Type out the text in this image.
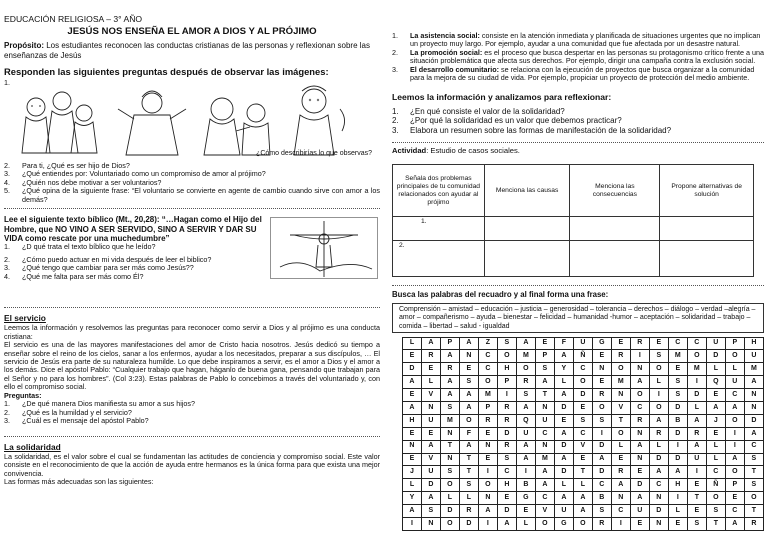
EDUCACIÓN RELIGIOSA – 3° AÑO
JESÚS NOS ENSEÑA EL AMOR A DIOS Y AL PRÓJIMO
Propósito: Los estudiantes reconocen las conductas cristianas de las personas y reflexionan sobre las enseñanzas de Jesús
Responden las siguientes preguntas después de observar las imágenes:
1.
¿Cómo describirías lo que observas?
2.	Para ti, ¿Qué es ser hijo de Dios?
3.	¿Qué entiendes por: Voluntariado como un compromiso de amor al prójimo?
4.	¿Quién nos debe motivar a ser voluntarios?
5.	¿Qué opina de la siguiente frase: “El voluntario se convierte en agente de cambio cuando sirve con amor a los demás?
Lee el siguiente texto bíblico (Mt., 20,28): “…Hagan como el Hijo del Hombre, que NO VINO A SER SERVIDO, SINO A SERVIR Y DAR SU VIDA como rescate por una muchedumbre”
1.	¿D qué trata el texto bíblico que he leído?
2.	¿Cómo puedo actuar en mi vida después de leer el biblico?
3.	¿Qué tengo que cambiar para ser más como Jesús??
4.	¿Qué me falta para ser más como Él?
El servicio
Leemos la información y resolvemos las preguntas para reconocer como servir a Dios y al prójimo es una conducta cristiana:
El servicio es una de las mayores manifestaciones del amor de Cristo hacia nosotros. Jesús dedicó su tiempo a enseñar sobre el reino de los cielos, sanar a los enfermos, ayudar a los necesitados, preparar a sus discípulos, … El servicio de Jesús era parte de su naturaleza humilde. Lo que debe inspiramos a servir, es el amor a Dios y el amor a los demás. Dice el apóstol Pablo: “Cualquier trabajo que hagan, háganlo de buena gana, pensando que trabajan para el Señor y no para los hombres”. (Col 3:23). Estas palabras de Pablo lo concebimos a través del voluntariado y, con ello el compromiso social.
Preguntas:
1.	¿De qué manera Dios manifiesta su amor a sus hijos?
2.	¿Qué es la humildad y el servicio?
3.	¿Cuál es el mensaje del apóstol Pablo?
La solidaridad
La solidaridad, es el valor sobre el cual se fundamentan las actitudes de conciencia y compromiso social. Este valor consiste en el reconocimiento de que la acción de ayuda entre hermanos es la única forma para que exista una mejor convivencia.
Las formas más adecuadas son las siguientes:
1.	La asistencia social: consiste en la atención inmediata y planificada de situaciones urgentes que no implican un proyecto muy largo. Por ejemplo, ayudar a una comunidad que fue afectada por un desastre natural.
2.	La promoción social: es el proceso que busca despertar en las personas su protagonismo crítico frente a una situación problemática que afecta sus derechos. Por ejemplo, dirigir una campaña contra la exclusión social.
3.	El desarrollo comunitario: se relaciona con la ejecución de proyectos que busca organizar a la comunidad para la mejora de su ciudad de vida. Por ejemplo, propiciar un proyecto de protección del medio ambiente.
Leemos la información y analizamos para reflexionar:
1.	¿En qué consiste el valor de la solidaridad?
2.	¿Por qué la solidaridad es un valor que debemos practicar?
3.	Elabora un resumen sobre las formas de manifestación de la solidaridad?
Actividad: Estudio de casos sociales.
Señala dos problemas principales de tu comunidad relacionados con ayudar al prójimo	Menciona las causas	Menciona las consecuencias	Propone alternativas de solución
1.			
2.			
Busca las palabras del recuadro y al final forma una frase:
Comprensión – amistad – educación – justicia – generosidad – tolerancia – derechos – diálogo – verdad –alegría –amor – compañerismo – ayuda – bienestar – felicidad – humanidad -humor – aceptación – solidaridad – trabajo – comida – libertad – salud - igualdad
L	A	P	A	Z	S	A	E	F	U	G	E	R	E	C	C	U	P	H
E	R	A	N	C	O	M	P	A	Ñ	E	R	I	S	M	O	D	O	U
D	E	R	E	C	H	O	S	Y	C	N	O	N	O	E	M	L	L	M
A	L	A	S	O	P	R	A	L	O	E	M	A	L	S	I	Q	U	A
E	V	A	A	M	I	S	T	A	D	R	N	O	I	S	D	E	C	N
A	N	S	A	P	R	A	N	D	E	O	V	C	O	D	L	A	A	N
H	U	M	O	R	R	Q	U	E	S	S	T	R	A	B	A	J	O	D
E	E	N	F	E	D	U	C	A	C	I	O	N	R	D	R	E	I	A
N	A	T	A	N	R	A	N	D	V	D	L	A	L	I	A	L	I	C
E	V	N	T	E	S	A	M	A	E	A	E	N	D	D	U	L	A	S
J	U	S	T	I	C	I	A	D	T	D	R	E	A	A	I	C	O	T
L	D	O	S	O	H	B	A	L	L	C	A	D	C	H	E	Ñ	P	S
Y	A	L	L	N	E	G	C	A	A	B	N	A	N	I	T	O	E	O
A	S	D	R	A	D	E	V	U	A	S	C	U	D	L	E	S	C	T
I	N	O	D	I	A	L	O	G	O	R	I	E	N	E	S	T	A	R
